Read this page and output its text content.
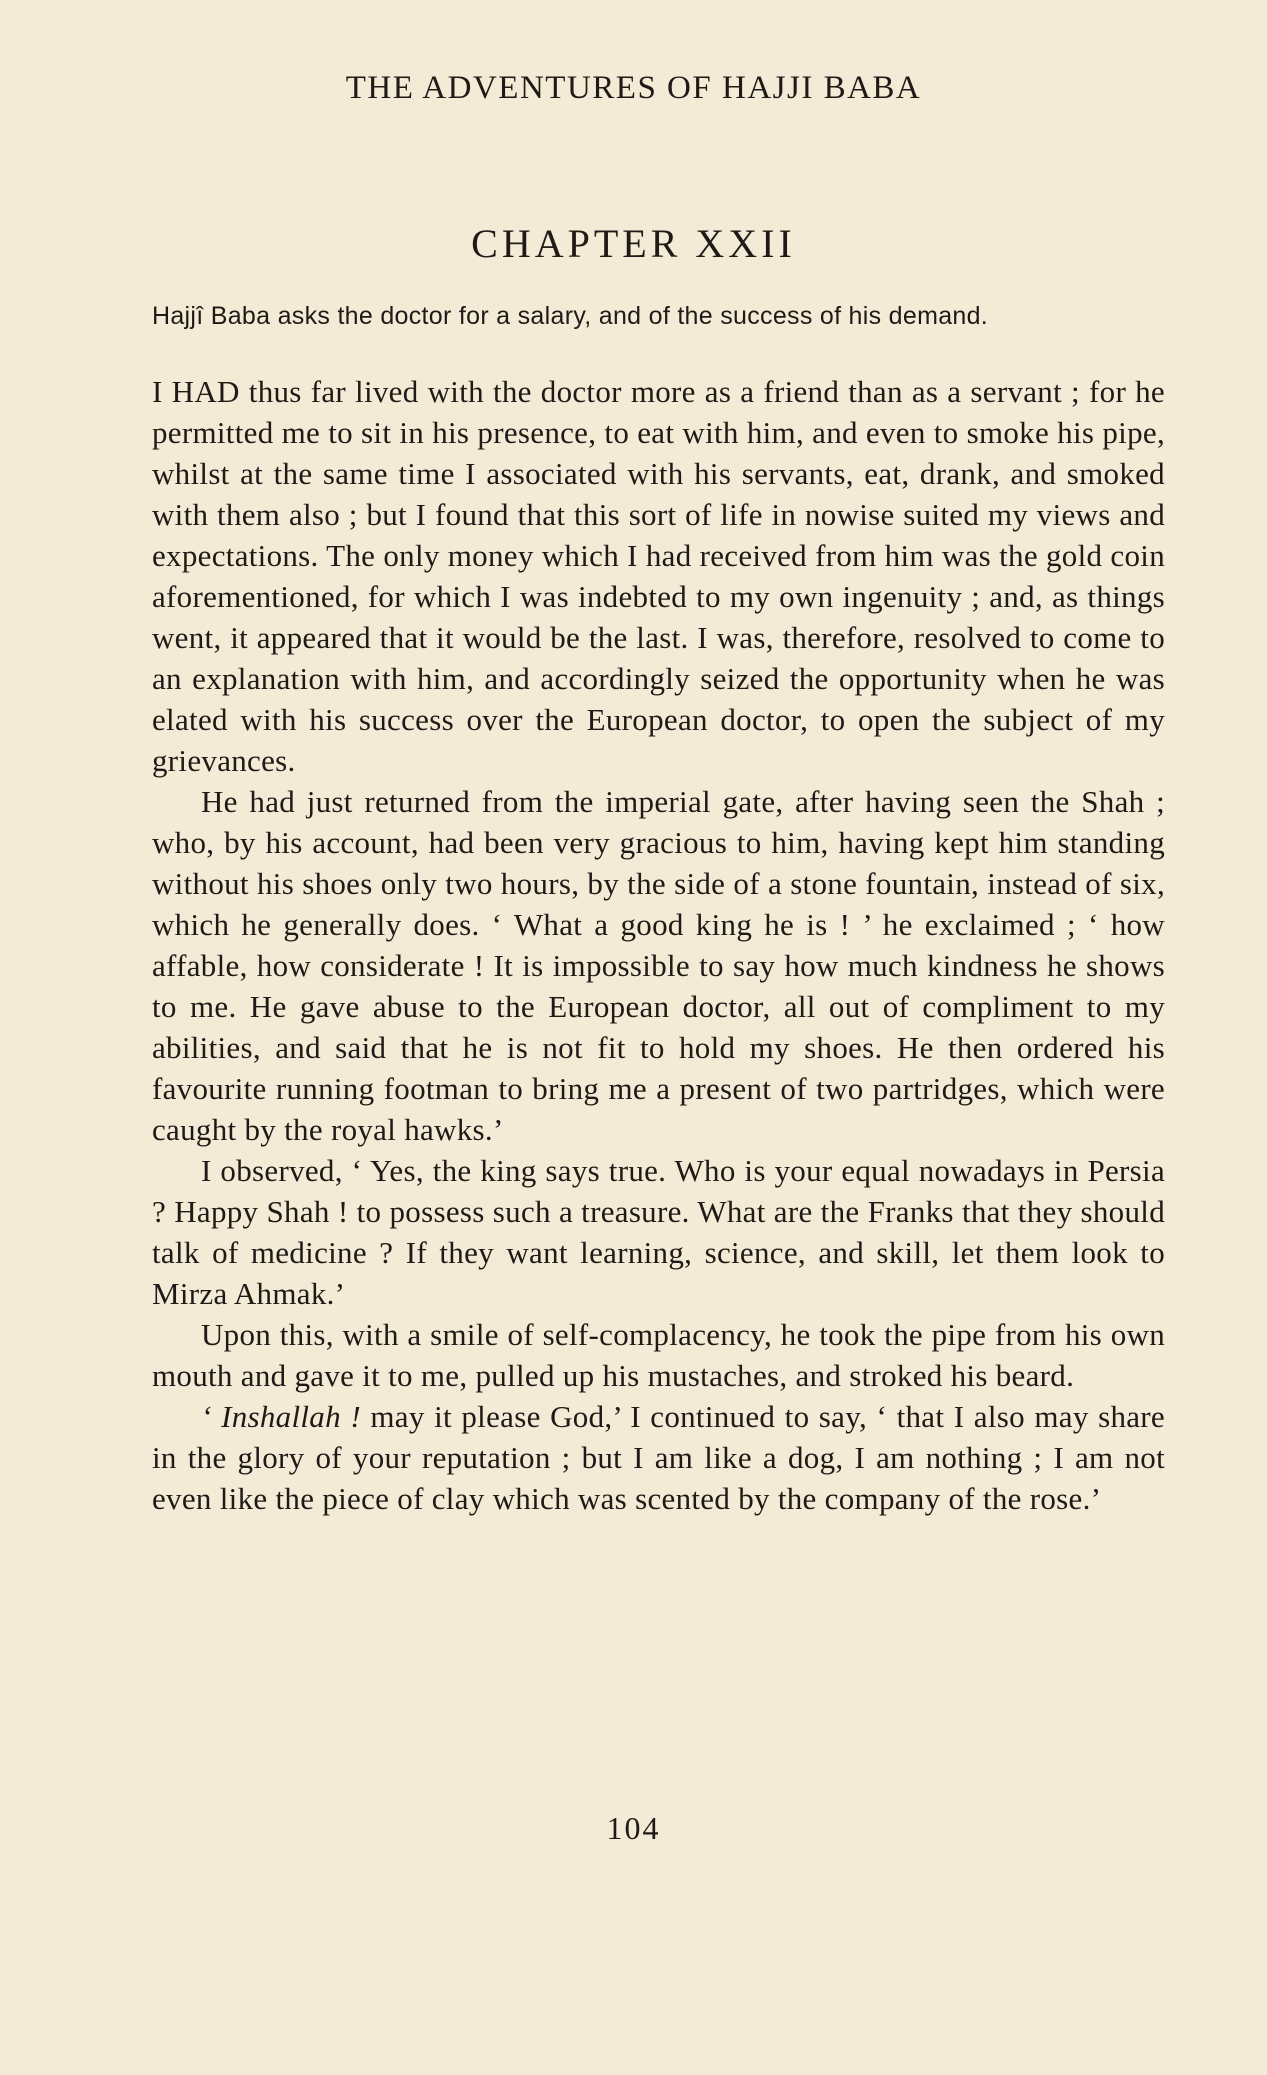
THE ADVENTURES OF HAJJI BABA
CHAPTER XXII
Hajjî Baba asks the doctor for a salary, and of the success of his demand.

I HAD thus far lived with the doctor more as a friend than as a servant ; for he permitted me to sit in his presence, to eat with him, and even to smoke his pipe, whilst at the same time I associated with his servants, eat, drank, and smoked with them also ; but I found that this sort of life in nowise suited my views and expectations. The only money which I had received from him was the gold coin aforementioned, for which I was indebted to my own ingenuity ; and, as things went, it appeared that it would be the last. I was, therefore, resolved to come to an explanation with him, and accordingly seized the opportunity when he was elated with his success over the European doctor, to open the subject of my grievances.

He had just returned from the imperial gate, after having seen the Shah ; who, by his account, had been very gracious to him, having kept him standing without his shoes only two hours, by the side of a stone fountain, instead of six, which he generally does. ‘ What a good king he is ! ’ he exclaimed ; ‘ how affable, how considerate ! It is impossible to say how much kindness he shows to me. He gave abuse to the European doctor, all out of compliment to my abilities, and said that he is not fit to hold my shoes. He then ordered his favourite running footman to bring me a present of two partridges, which were caught by the royal hawks.’

I observed, ‘ Yes, the king says true. Who is your equal nowadays in Persia ? Happy Shah ! to possess such a treasure. What are the Franks that they should talk of medicine ? If they want learning, science, and skill, let them look to Mirza Ahmak.’

Upon this, with a smile of self-complacency, he took the pipe from his own mouth and gave it to me, pulled up his mustaches, and stroked his beard.

‘ Inshallah ! may it please God,’ I continued to say, ‘ that I also may share in the glory of your reputation ; but I am like a dog, I am nothing ; I am not even like the piece of clay which was scented by the company of the rose.’

104
